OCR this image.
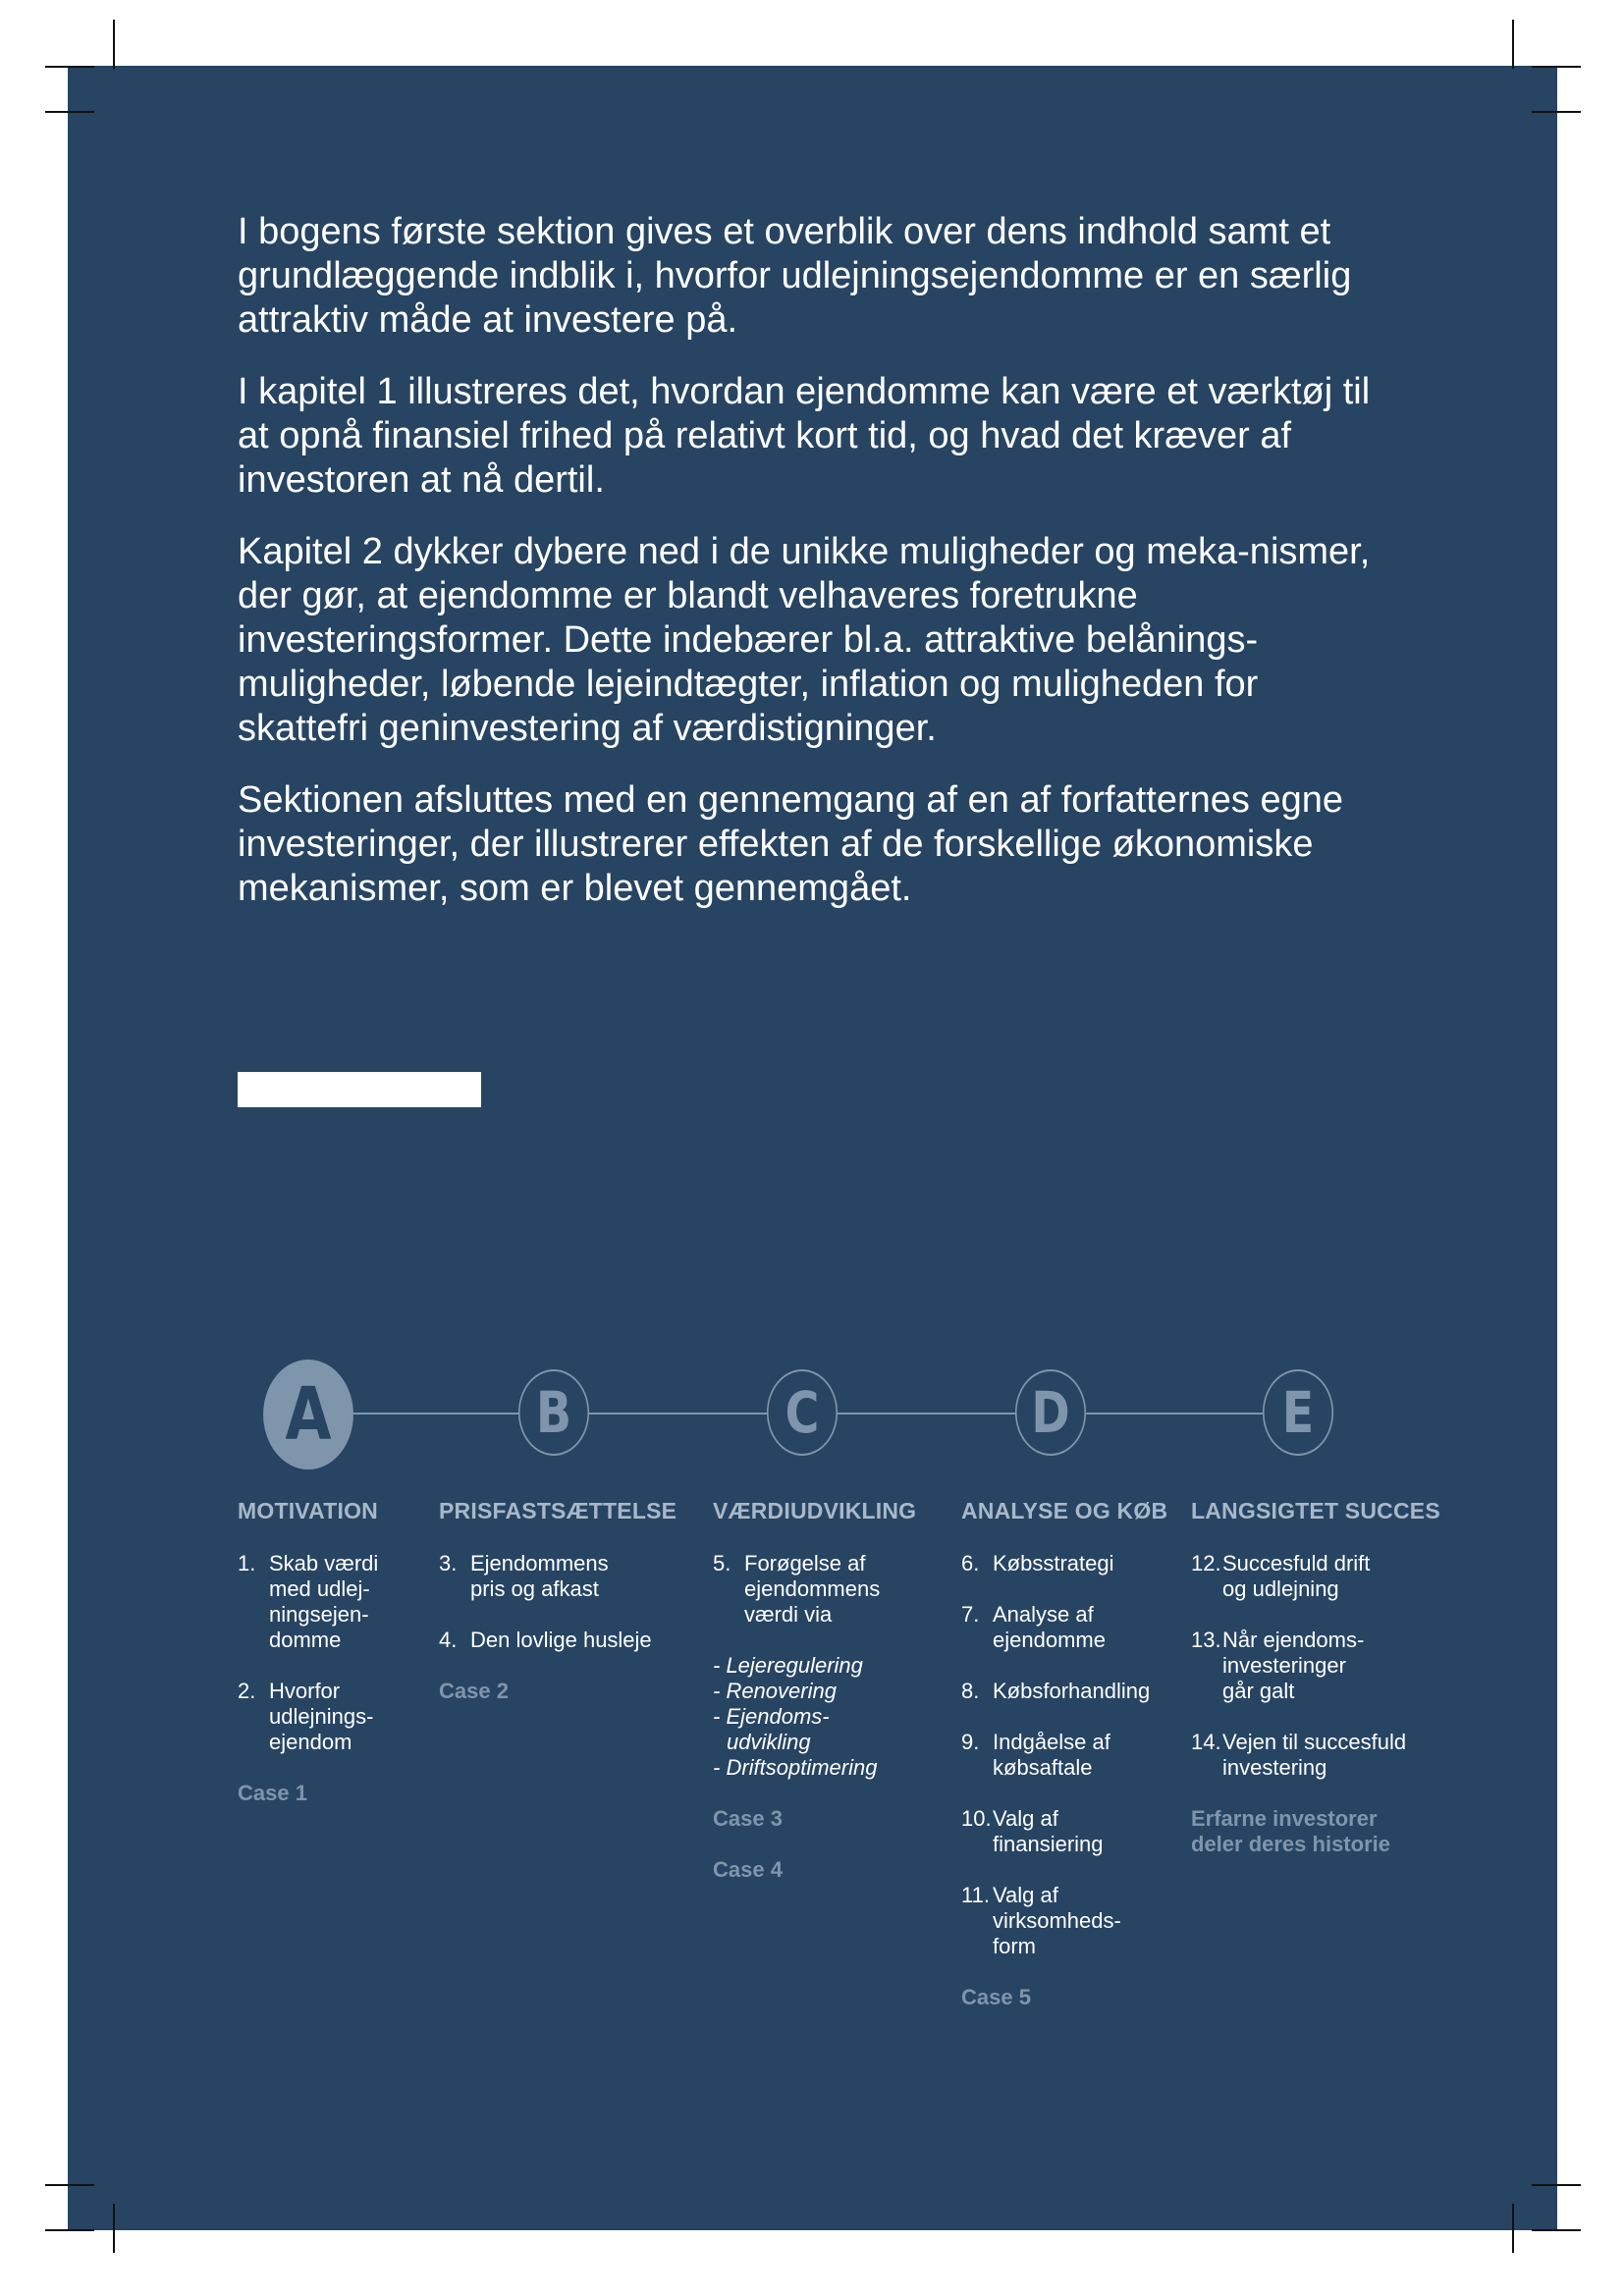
I bogens første sektion gives et overblik over dens indhold samt et grundlæggende indblik i, hvorfor udlejningsejendomme er en særlig attraktiv måde at investere på.

I kapitel 1 illustreres det, hvordan ejendomme kan være et værktøj til at opnå finansiel frihed på relativt kort tid, og hvad det kræver af investoren at nå dertil.

Kapitel 2 dykker dybere ned i de unikke muligheder og meka-nismer, der gør, at ejendomme er blandt velhaveres foretrukne investeringsformer. Dette indebærer bl.a. attraktive belånings-muligheder, løbende lejeindtægter, inflation og muligheden for skattefri geninvestering af værdistigninger.

Sektionen afsluttes med en gennemgang af en af forfatternes egne investeringer, der illustrerer effekten af de forskellige økonomiske mekanismer, som er blevet gennemgået.

A	B	C	D	E
MOTIVATION
1. Skab værdi med udlej-ningsejen-domme
2. Hvorfor udlejnings-ejendom
Case 1
PRISFASTSÆTTELSE
3. Ejendommens pris og afkast
4. Den lovlige husleje
Case 2
VÆRDIUDVIKLING
5. Forøgelse af ejendommens værdi via
- Lejeregulering
- Renovering
- Ejendoms-udvikling
- Driftsoptimering
Case 3
Case 4
ANALYSE OG KØB
6. Købsstrategi
7. Analyse af ejendomme
8. Købsforhandling
9. Indgåelse af købsaftale
10. Valg af finansiering
11. Valg af virksomheds-form
Case 5
LANGSIGTET SUCCES
12. Succesfuld drift og udlejning
13. Når ejendoms-investeringer går galt
14. Vejen til succesfuld investering
Erfarne investorer deler deres historie
